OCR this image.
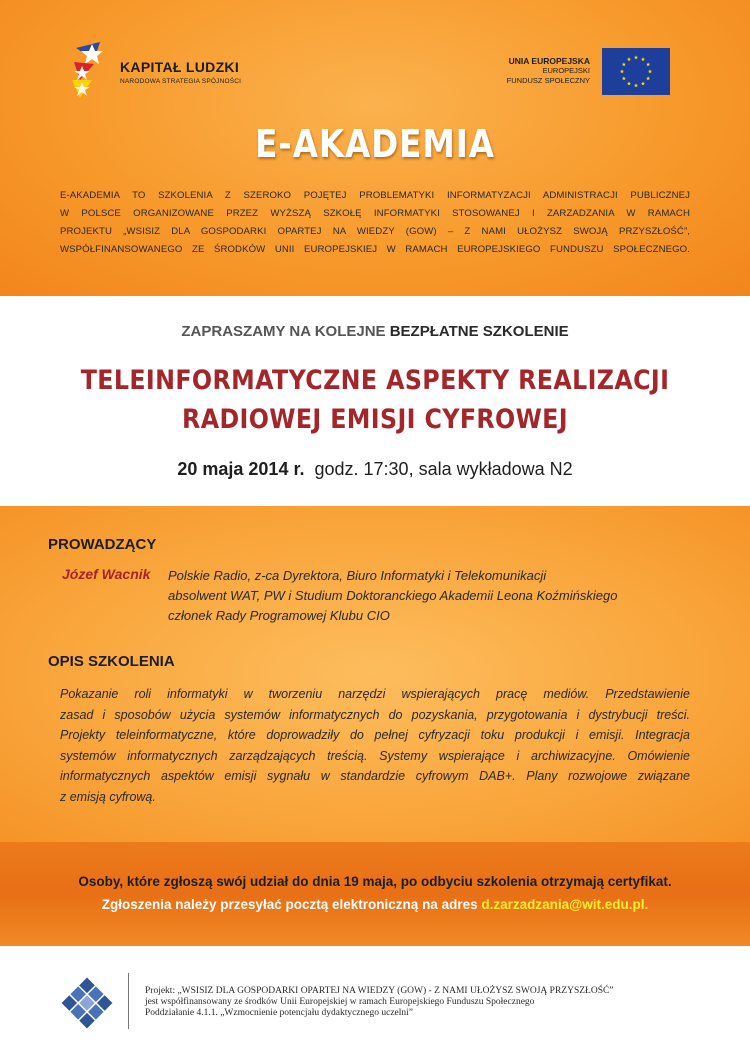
KAPITAŁ LUDZKI
NARODOWA STRATEGIA SPÓJNOŚCI
UNIA EUROPEJSKA
EUROPEJSKI
FUNDUSZ SPOŁECZNY
E-AKADEMIA
E-AKADEMIA TO SZKOLENIA Z SZEROKO POJĘTEJ PROBLEMATYKI INFORMATYZACJI ADMINISTRACJI PUBLICZNEJ
W POLSCE ORGANIZOWANE PRZEZ WYŻSZĄ SZKOŁĘ INFORMATYKI STOSOWANEJ I ZARZADZANIA W RAMACH
PROJEKTU „WSISIZ DLA GOSPODARKI OPARTEJ NA WIEDZY (GOW) – Z NAMI UŁOŻYSZ SWOJĄ PRZYSZŁOŚĆ”,
WSPÓŁFINANSOWANEGO ZE ŚRODKÓW UNII EUROPEJSKIEJ W RAMACH EUROPEJSKIEGO FUNDUSZU SPOŁECZNEGO.
ZAPRASZAMY NA KOLEJNE BEZPŁATNE SZKOLENIE
TELEINFORMATYCZNE ASPEKTY REALIZACJI
RADIOWEJ EMISJI CYFROWEJ
20 maja 2014 r. godz. 17:30, sala wykładowa N2
PROWADZĄCY
Józef Wacnik Polskie Radio, z-ca Dyrektora, Biuro Informatyki i Telekomunikacji
absolwent WAT, PW i Studium Doktoranckiego Akademii Leona Koźmińskiego
członek Rady Programowej Klubu CIO
OPIS SZKOLENIA
Pokazanie roli informatyki w tworzeniu narzędzi wspierających pracę mediów. Przedstawienie
zasad i sposobów użycia systemów informatycznych do pozyskania, przygotowania i dystrybucji treści.
Projekty teleinformatyczne, które doprowadziły do pełnej cyfryzacji toku produkcji i emisji. Integracja
systemów informatycznych zarządzających treścią. Systemy wspierające i archiwizacyjne. Omówienie
informatycznych aspektów emisji sygnału w standardzie cyfrowym DAB+. Plany rozwojowe związane
z emisją cyfrową.
Osoby, które zgłoszą swój udział do dnia 19 maja, po odbyciu szkolenia otrzymają certyfikat.
Zgłoszenia należy przesyłać pocztą elektroniczną na adres d.zarzadzania@wit.edu.pl.
Projekt: „WSISIZ DLA GOSPODARKI OPARTEJ NA WIEDZY (GOW) - Z NAMI UŁOŻYSZ SWOJĄ PRZYSZŁOŚĆ”
jest współfinansowany ze środków Unii Europejskiej w ramach Europejskiego Funduszu Społecznego
Poddziałanie 4.1.1. „Wzmocnienie potencjału dydaktycznego uczelni”
